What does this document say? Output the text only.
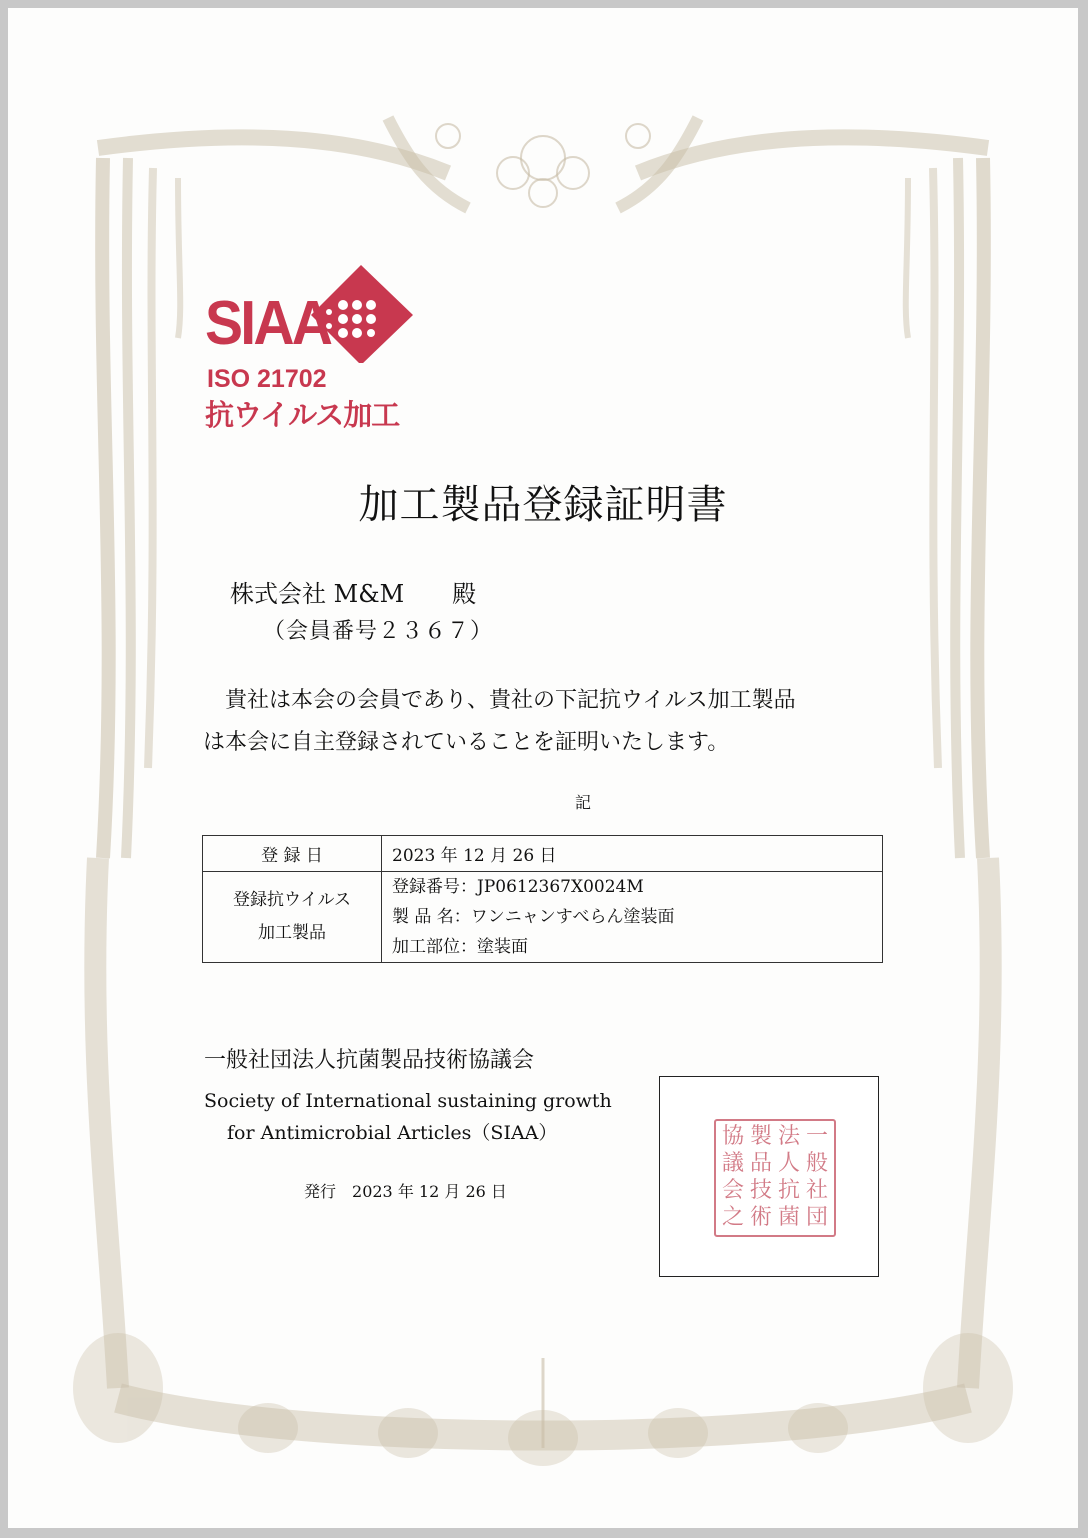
SIAA
ISO 21702
抗ウイルス加工
加工製品登録証明書
株式会社 M&M 殿
（会員番号２３６７）
貴社は本会の会員であり、貴社の下記抗ウイルス加工製品
は本会に自主登録されていることを証明いたします。
記
登 録 日	2023 年 12 月 26 日

登録抗ウイルス
加工製品	登録番号：JP0612367X0024M
製 品 名：ワンニャンすべらん塗装面
加工部位：塗装面
一般社団法人抗菌製品技術協議会
Society of International sustaining growth
for Antimicrobial Articles（SIAA）
発行 2023 年 12 月 26 日
協 製 法 一
議 品 人 般
会 技 抗 社
之 術 菌 団
